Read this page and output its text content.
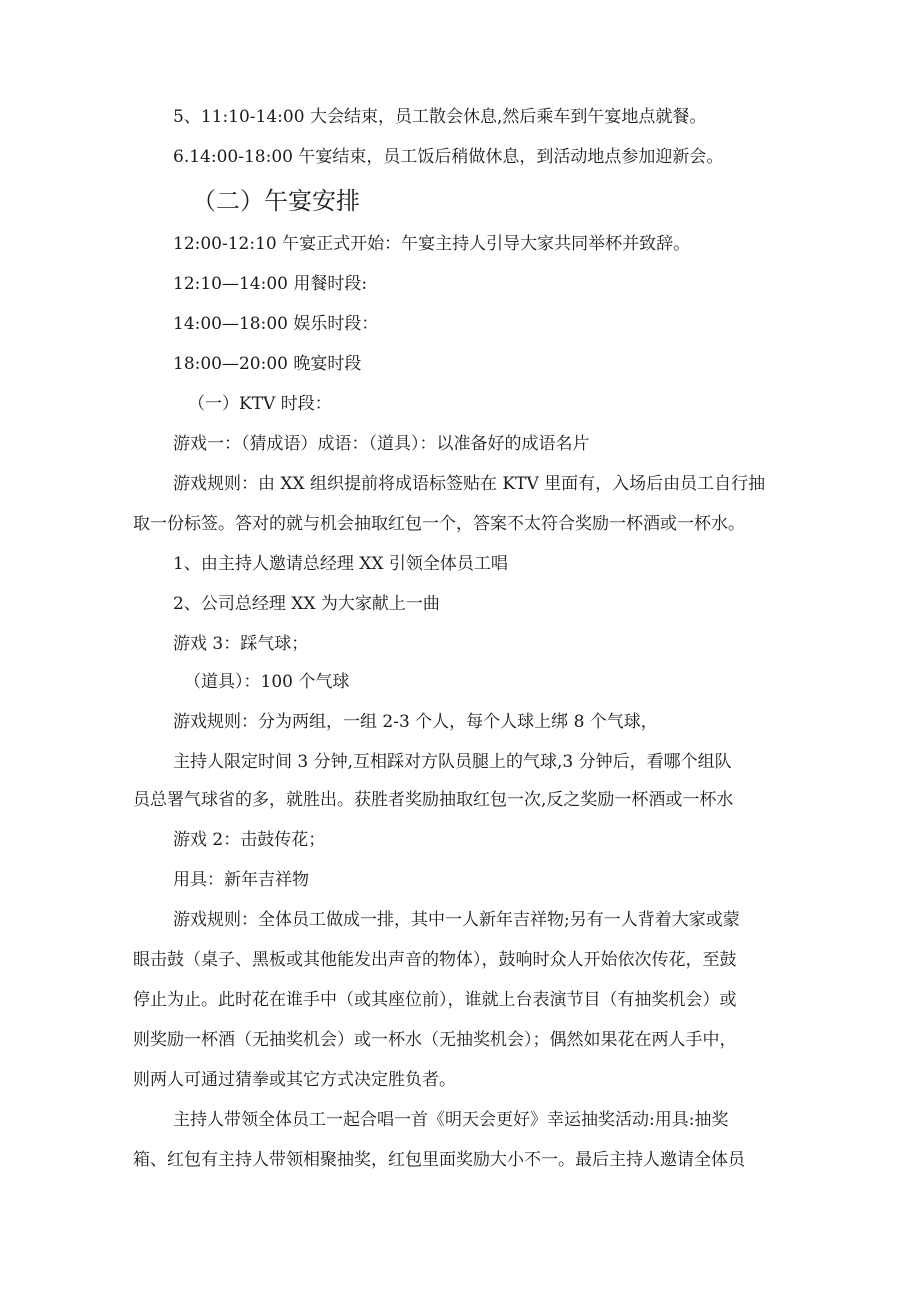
5、11:10-14:00 大会结束，员工散会休息,然后乘车到午宴地点就餐。
6.14:00-18:00 午宴结束，员工饭后稍做休息，到活动地点参加迎新会。
（二）午宴安排
12:00-12:10 午宴正式开始：午宴主持人引导大家共同举杯并致辞。
12:10—14:00 用餐时段:
14:00—18:00 娱乐时段：
18:00—20:00 晚宴时段
（一）KTV 时段：
游戏一：（猜成语）成语：（道具）：以准备好的成语名片
游戏规则：由 XX 组织提前将成语标签贴在 KTV 里面有，入场后由员工自行抽
取一份标签。答对的就与机会抽取红包一个，答案不太符合奖励一杯酒或一杯水。
1、由主持人邀请总经理 XX 引领全体员工唱
2、公司总经理 XX 为大家献上一曲
游戏 3：踩气球；
（道具）：100 个气球
游戏规则：分为两组，一组 2-3 个人，每个人球上绑 8 个气球，
主持人限定时间 3 分钟,互相踩对方队员腿上的气球,3 分钟后，看哪个组队
员总署气球省的多，就胜出。获胜者奖励抽取红包一次,反之奖励一杯酒或一杯水
游戏 2：击鼓传花；
用具：新年吉祥物
游戏规则：全体员工做成一排，其中一人新年吉祥物;另有一人背着大家或蒙
眼击鼓（桌子、黑板或其他能发出声音的物体），鼓响时众人开始依次传花，至鼓
停止为止。此时花在谁手中（或其座位前），谁就上台表演节目（有抽奖机会）或
则奖励一杯酒（无抽奖机会）或一杯水（无抽奖机会）；偶然如果花在两人手中，
则两人可通过猜拳或其它方式决定胜负者。
主持人带领全体员工一起合唱一首《明天会更好》幸运抽奖活动:用具:抽奖
箱、红包有主持人带领相聚抽奖，红包里面奖励大小不一。最后主持人邀请全体员
